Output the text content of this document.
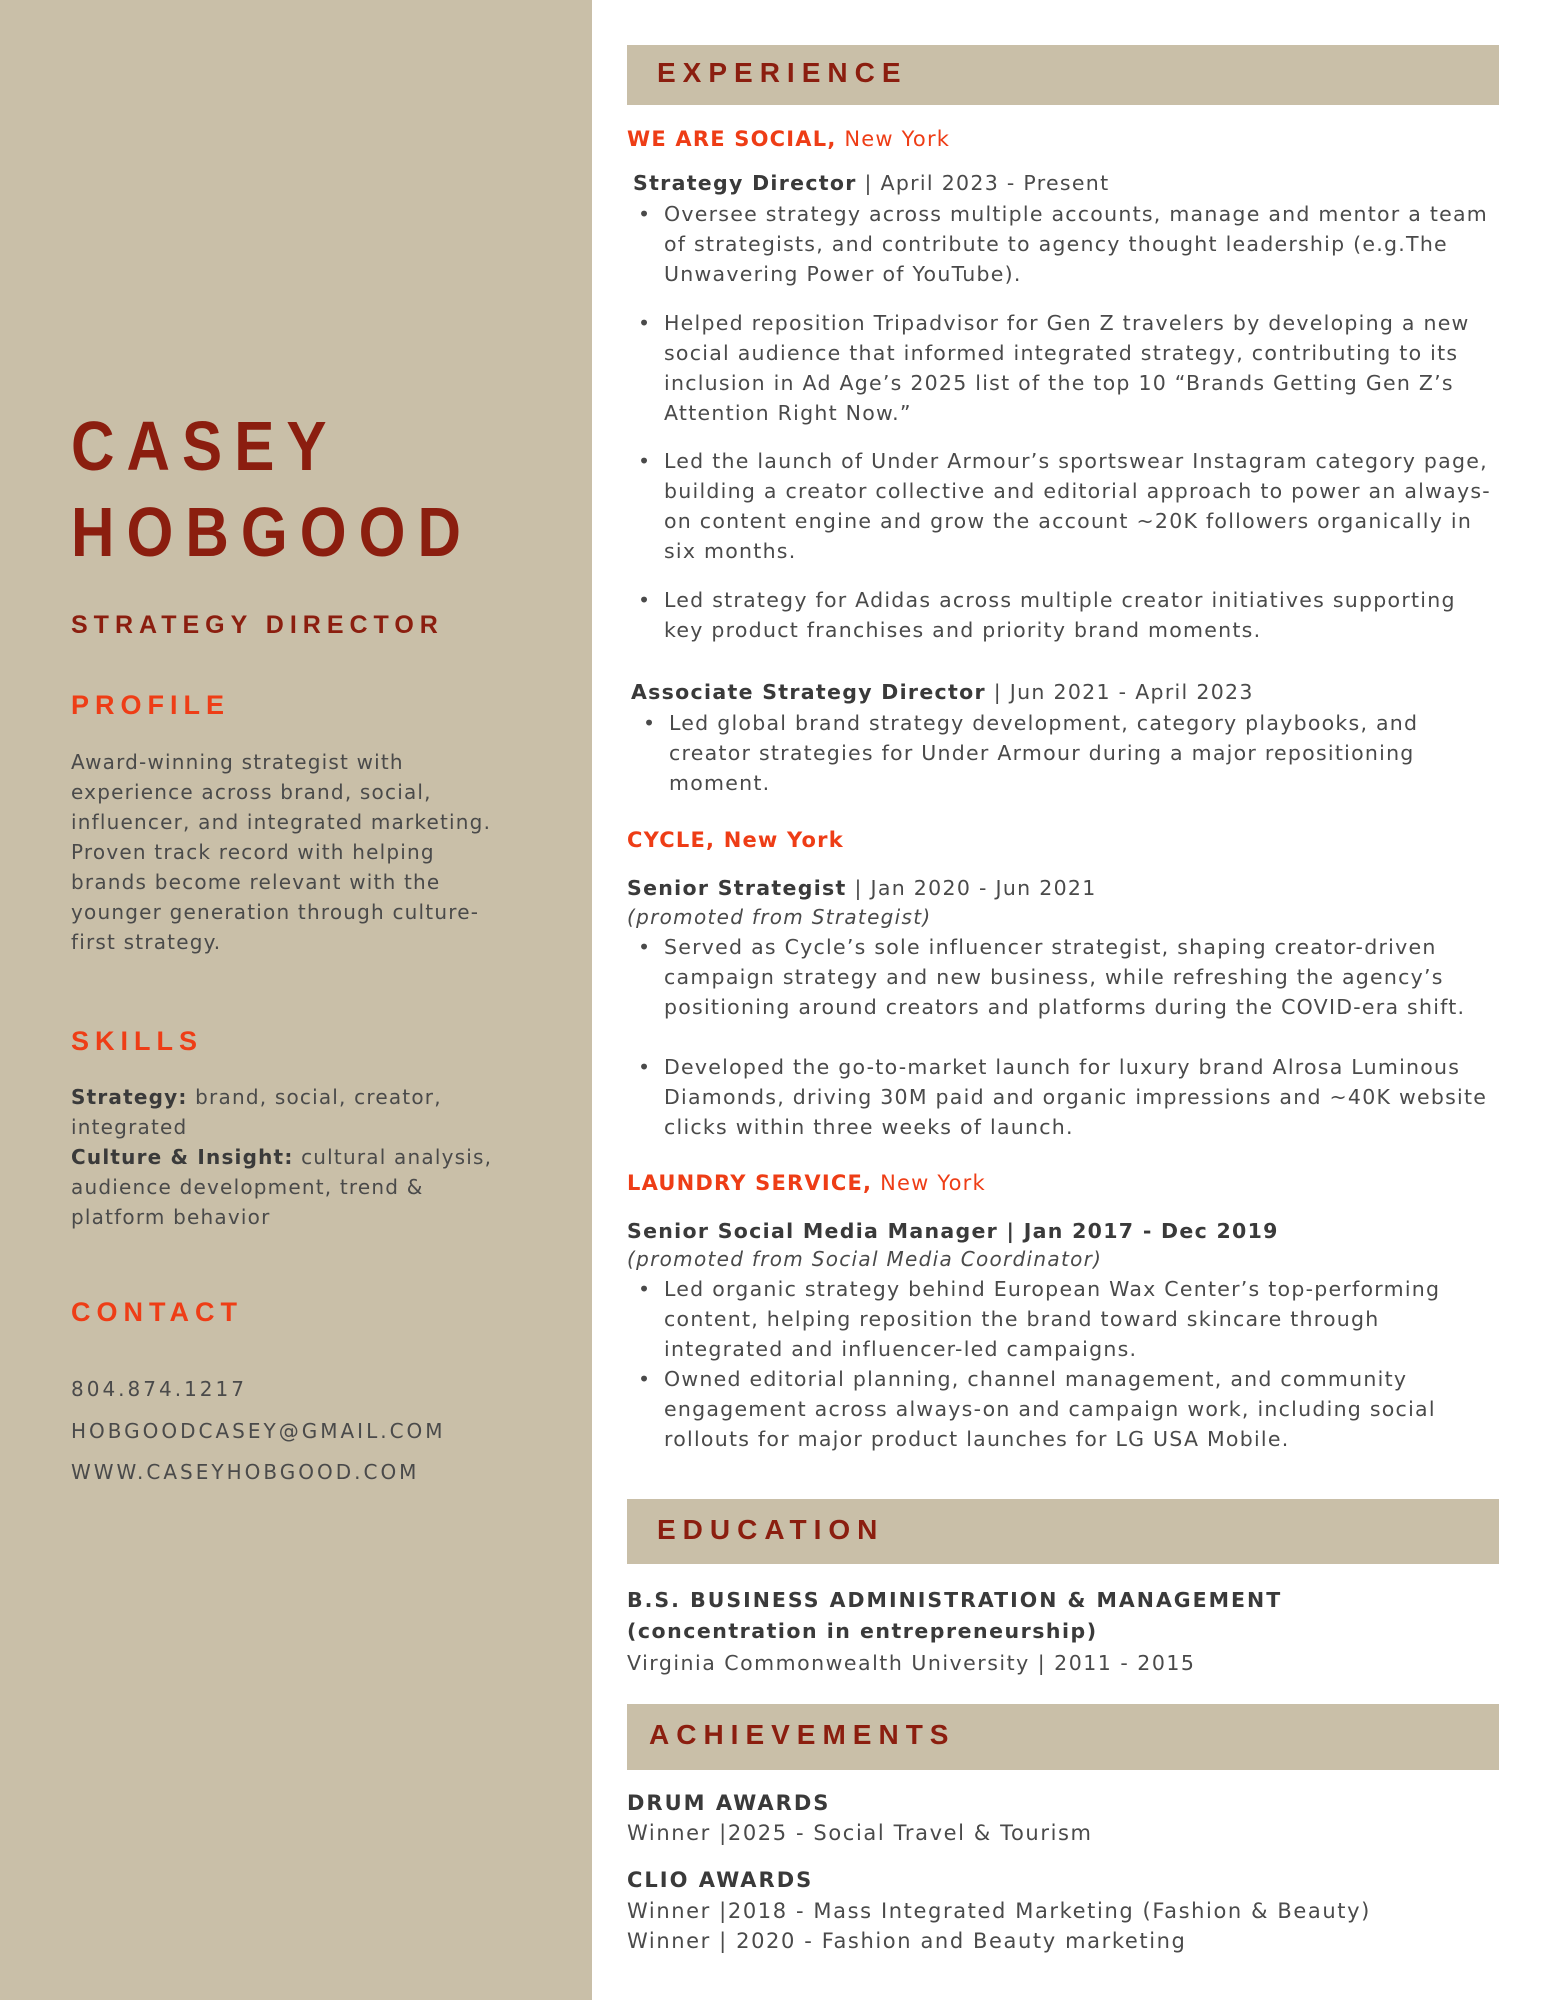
CASEY
HOBGOOD
STRATEGY DIRECTOR
PROFILE
Award-winning strategist with experience across brand, social, influencer, and integrated marketing. Proven track record with helping brands become relevant with the younger generation through culture-first strategy.
SKILLS
Strategy: brand, social, creator, integrated
Culture & Insight: cultural analysis, audience development, trend & platform behavior
CONTACT
804.874.1217
HOBGOODCASEY@GMAIL.COM
WWW.CASEYHOBGOOD.COM
EXPERIENCE
WE ARE SOCIAL, New York
Strategy Director | April 2023 - Present
• Oversee strategy across multiple accounts, manage and mentor a team of strategists, and contribute to agency thought leadership (e.g.The Unwavering Power of YouTube).
• Helped reposition Tripadvisor for Gen Z travelers by developing a new social audience that informed integrated strategy, contributing to its inclusion in Ad Age’s 2025 list of the top 10 “Brands Getting Gen Z’s Attention Right Now.”
• Led the launch of Under Armour’s sportswear Instagram category page, building a creator collective and editorial approach to power an always-on content engine and grow the account ~20K followers organically in six months.
• Led strategy for Adidas across multiple creator initiatives supporting key product franchises and priority brand moments.
Associate Strategy Director | Jun 2021 - April 2023
• Led global brand strategy development, category playbooks, and creator strategies for Under Armour during a major repositioning moment.
CYCLE, New York
Senior Strategist | Jan 2020 - Jun 2021
(promoted from Strategist)
• Served as Cycle’s sole influencer strategist, shaping creator-driven campaign strategy and new business, while refreshing the agency’s positioning around creators and platforms during the COVID-era shift.
• Developed the go-to-market launch for luxury brand Alrosa Luminous Diamonds, driving 30M paid and organic impressions and ~40K website clicks within three weeks of launch.
LAUNDRY SERVICE, New York
Senior Social Media Manager | Jan 2017 - Dec 2019
(promoted from Social Media Coordinator)
• Led organic strategy behind European Wax Center’s top-performing content, helping reposition the brand toward skincare through integrated and influencer-led campaigns.
• Owned editorial planning, channel management, and community engagement across always-on and campaign work, including social rollouts for major product launches for LG USA Mobile.
EDUCATION
B.S. BUSINESS ADMINISTRATION & MANAGEMENT
(concentration in entrepreneurship)
Virginia Commonwealth University | 2011 - 2015
ACHIEVEMENTS
DRUM AWARDS
Winner |2025 - Social Travel & Tourism
CLIO AWARDS
Winner |2018 - Mass Integrated Marketing (Fashion & Beauty)
Winner | 2020 - Fashion and Beauty marketing
